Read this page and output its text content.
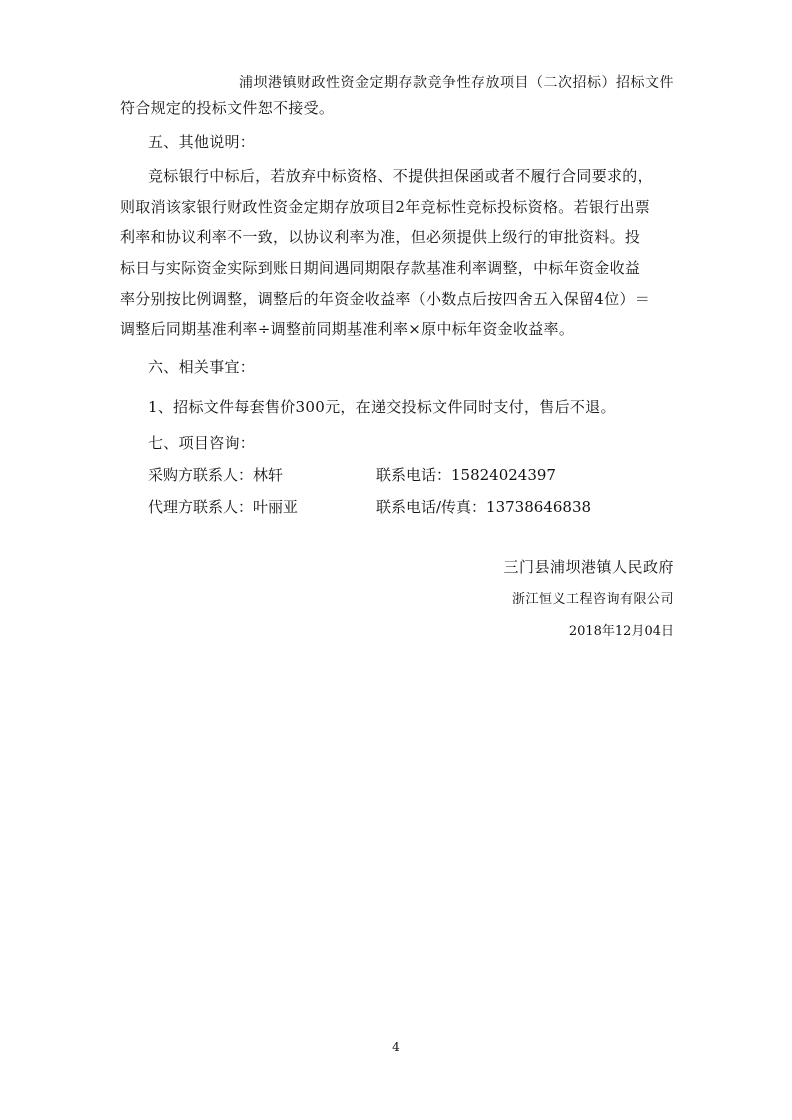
浦坝港镇财政性资金定期存款竞争性存放项目（二次招标）招标文件
符合规定的投标文件恕不接受。
五、其他说明：
竞标银行中标后，若放弃中标资格、不提供担保函或者不履行合同要求的，
则取消该家银行财政性资金定期存放项目2年竞标性竞标投标资格。若银行出票
利率和协议利率不一致，以协议利率为准，但必须提供上级行的审批资料。投
标日与实际资金实际到账日期间遇同期限存款基准利率调整，中标年资金收益
率分别按比例调整，调整后的年资金收益率（小数点后按四舍五入保留4位）＝
调整后同期基准利率÷调整前同期基准利率×原中标年资金收益率。
六、相关事宜：
1、招标文件每套售价300元，在递交投标文件同时支付，售后不退。
七、项目咨询：
采购方联系人：林轩	联系电话：15824024397
代理方联系人：叶丽亚	联系电话/传真：13738646838
三门县浦坝港镇人民政府
浙江恒义工程咨询有限公司
2018年12月04日
4
